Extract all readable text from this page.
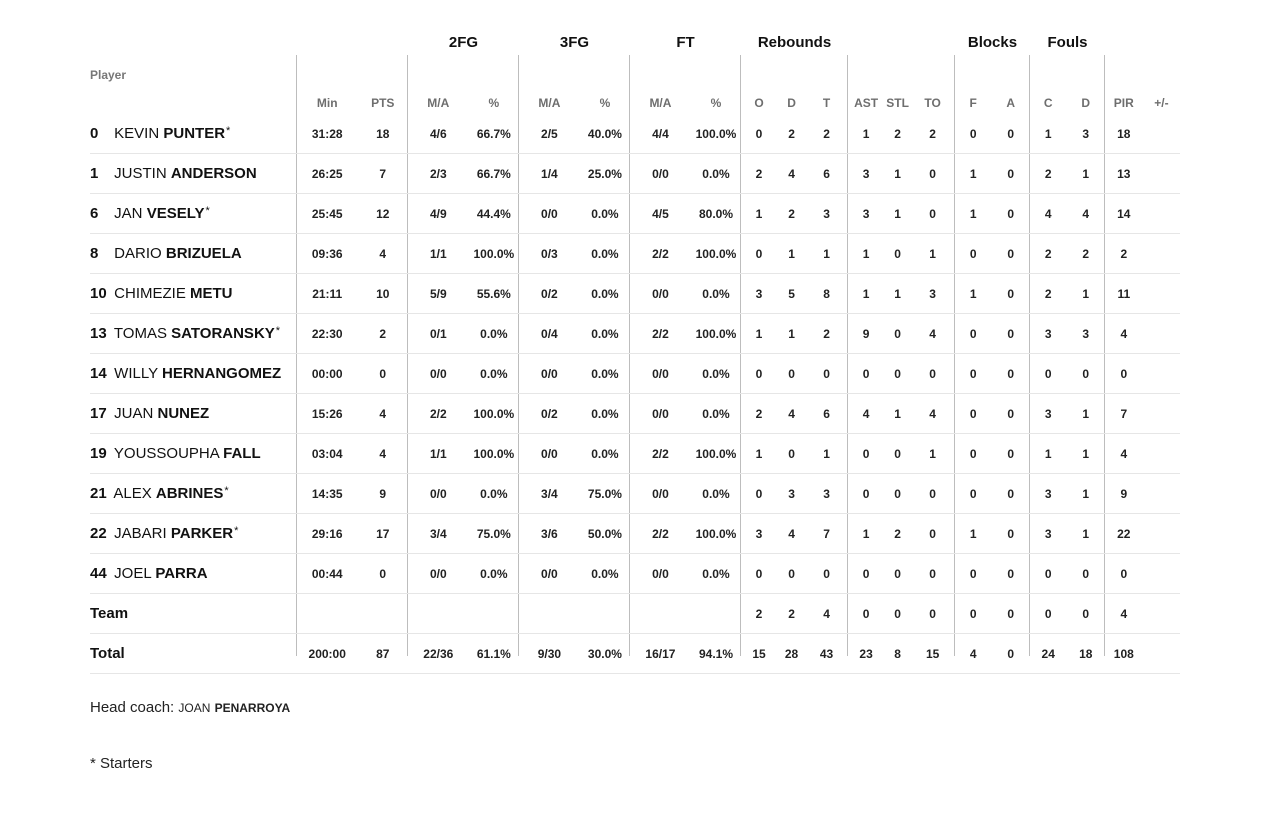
2FG	3FG	FT	Rebounds	Blocks	Fouls
Player
	Min	PTS	M/A	%	M/A	%	M/A	%	O	D	T	AST	STL	TO	F	A	C	D	PIR	+/-
0 KEVIN PUNTER*	31:28	18	4/6	66.7%	2/5	40.0%	4/4	100.0%	0	2	2	1	2	2	0	0	1	3	18	
1 JUSTIN ANDERSON	26:25	7	2/3	66.7%	1/4	25.0%	0/0	0.0%	2	4	6	3	1	0	1	0	2	1	13	
6 JAN VESELY*	25:45	12	4/9	44.4%	0/0	0.0%	4/5	80.0%	1	2	3	3	1	0	1	0	4	4	14	
8 DARIO BRIZUELA	09:36	4	1/1	100.0%	0/3	0.0%	2/2	100.0%	0	1	1	1	0	1	0	0	2	2	2	
10 CHIMEZIE METU	21:11	10	5/9	55.6%	0/2	0.0%	0/0	0.0%	3	5	8	1	1	3	1	0	2	1	11	
13 TOMAS SATORANSKY*	22:30	2	0/1	0.0%	0/4	0.0%	2/2	100.0%	1	1	2	9	0	4	0	0	3	3	4	
14 WILLY HERNANGOMEZ	00:00	0	0/0	0.0%	0/0	0.0%	0/0	0.0%	0	0	0	0	0	0	0	0	0	0	0	
17 JUAN NUNEZ	15:26	4	2/2	100.0%	0/2	0.0%	0/0	0.0%	2	4	6	4	1	4	0	0	3	1	7	
19 YOUSSOUPHA FALL	03:04	4	1/1	100.0%	0/0	0.0%	2/2	100.0%	1	0	1	0	0	1	0	0	1	1	4	
21 ALEX ABRINES*	14:35	9	0/0	0.0%	3/4	75.0%	0/0	0.0%	0	3	3	0	0	0	0	0	3	1	9	
22 JABARI PARKER*	29:16	17	3/4	75.0%	3/6	50.0%	2/2	100.0%	3	4	7	1	2	0	1	0	3	1	22	
44 JOEL PARRA	00:44	0	0/0	0.0%	0/0	0.0%	0/0	0.0%	0	0	0	0	0	0	0	0	0	0	0	
Team									2	2	4	0	0	0	0	0	0	0	4	
Total	200:00	87	22/36	61.1%	9/30	30.0%	16/17	94.1%	15	28	43	23	8	15	4	0	24	18	108	
Head coach: JOAN PENARROYA
* Starters
